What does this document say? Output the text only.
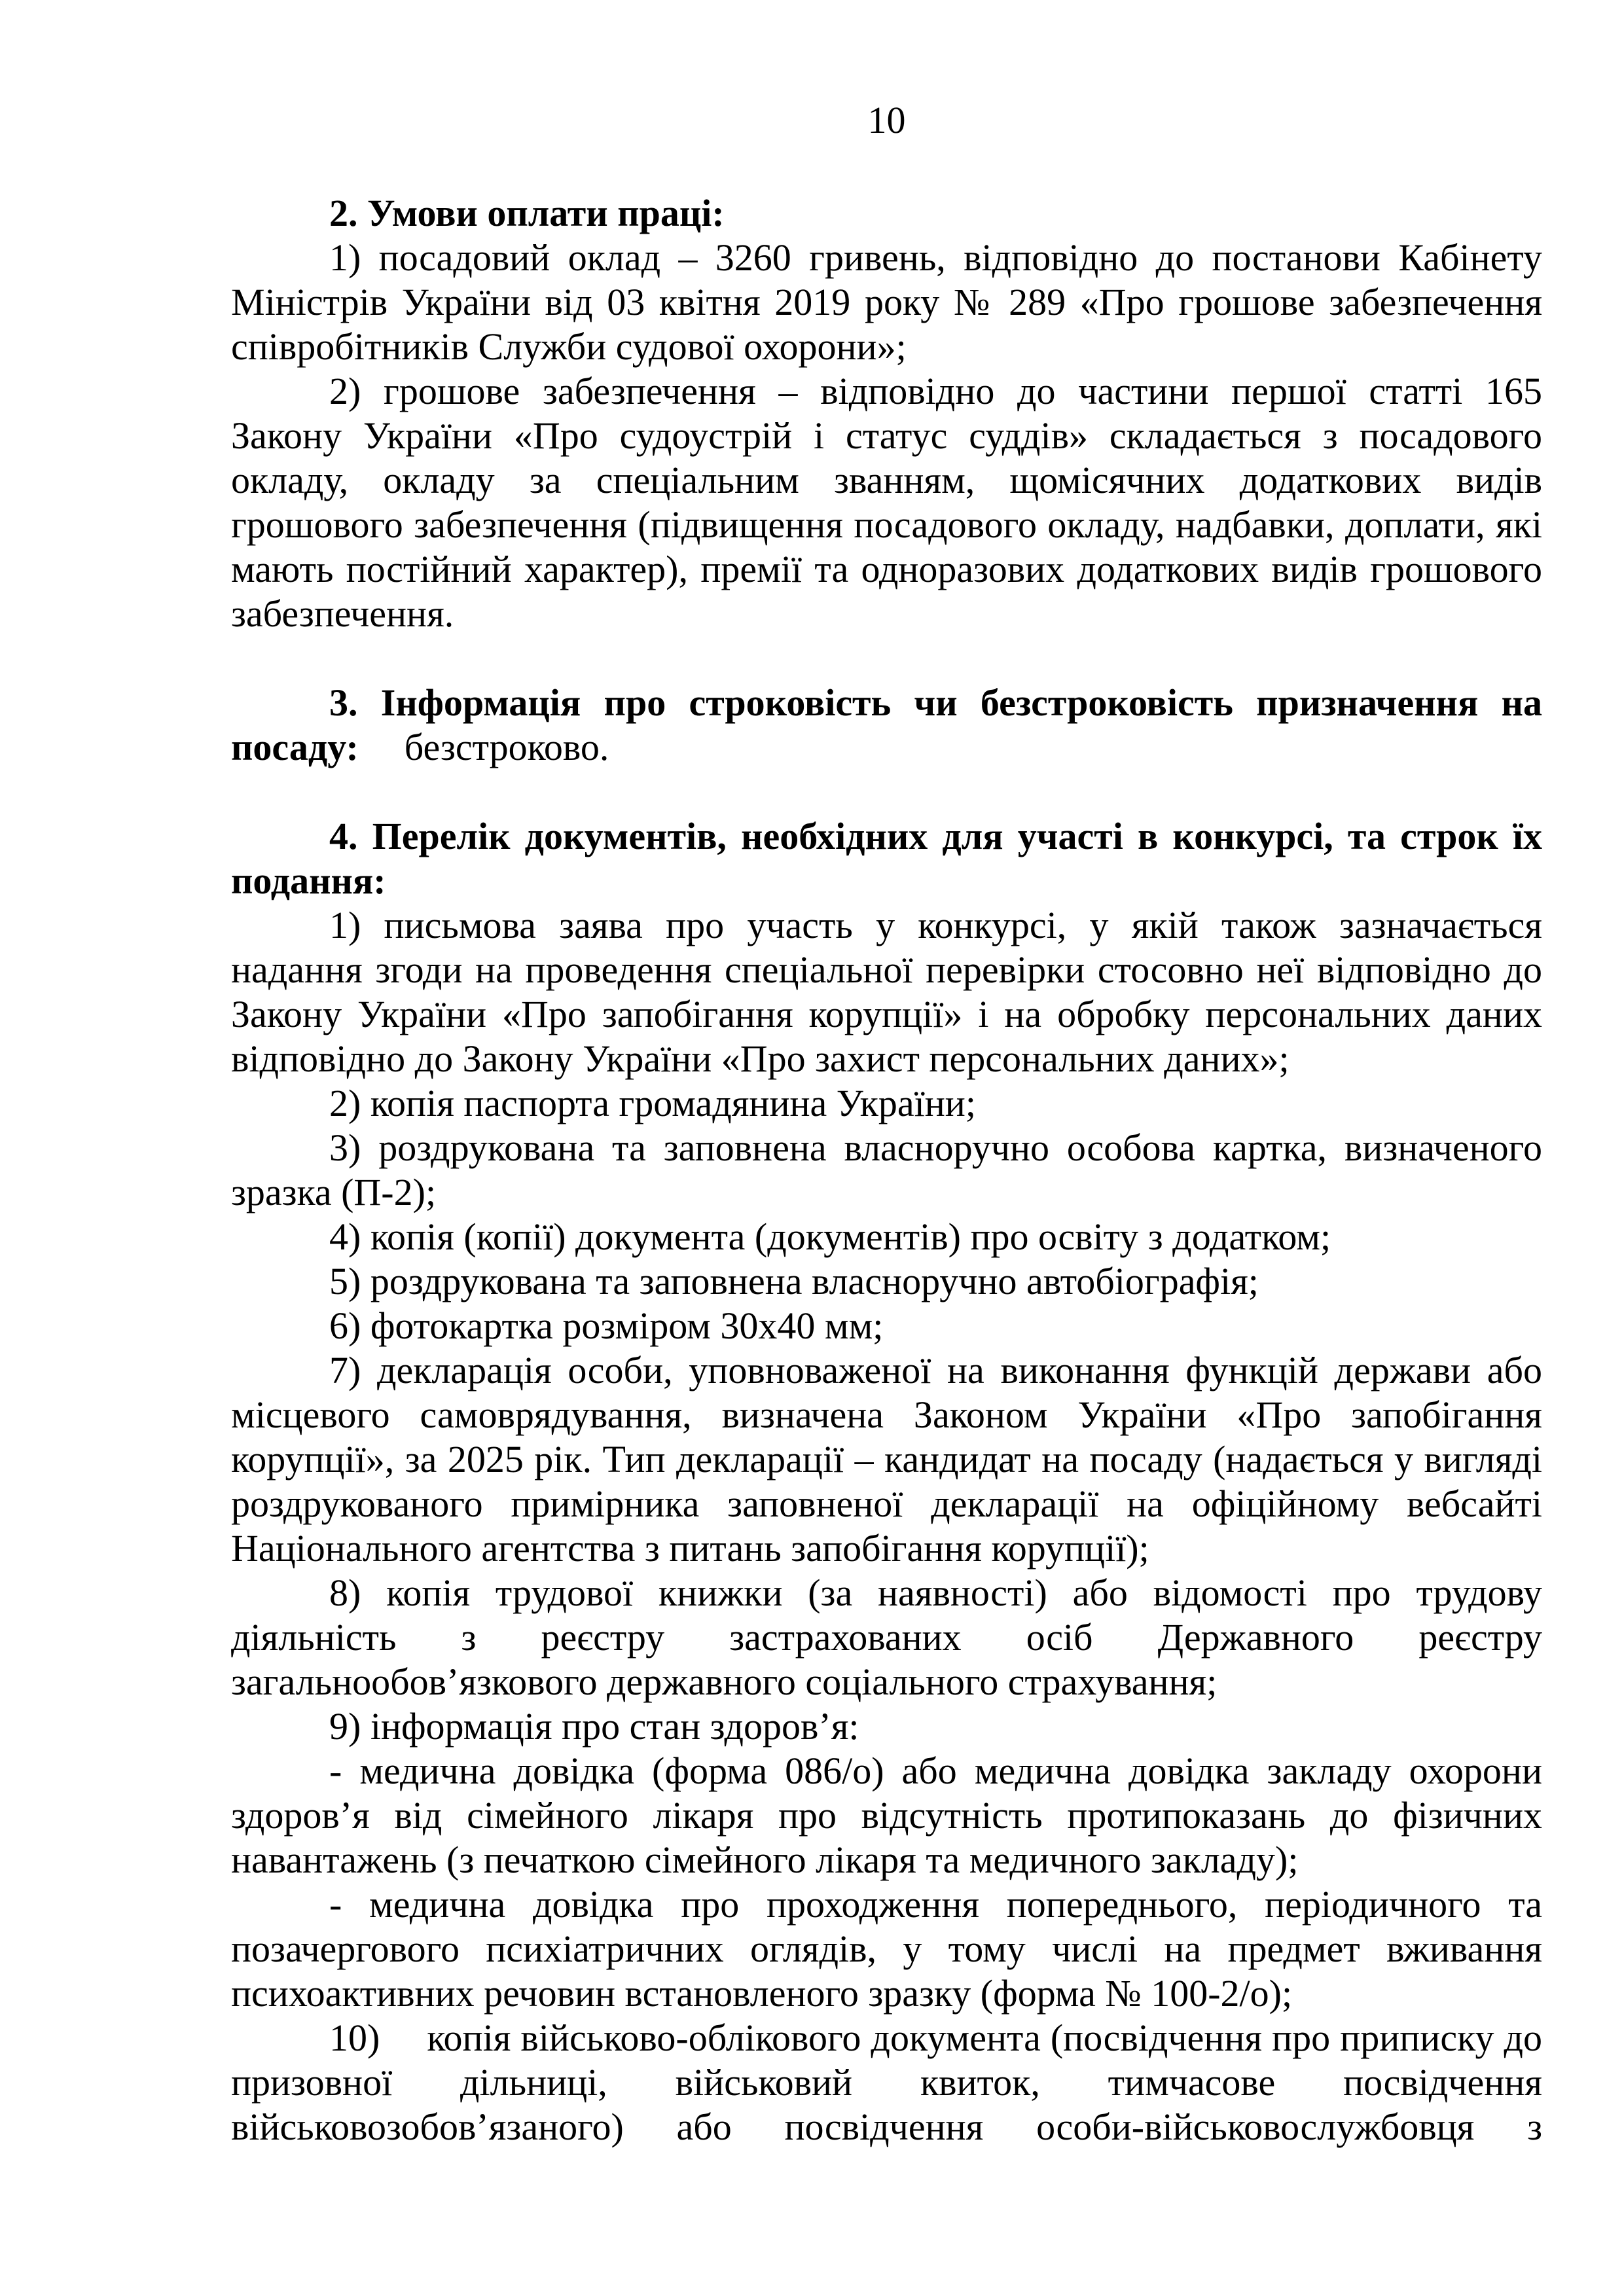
10

2. Умови оплати праці:

1) посадовий оклад – 3260 гривень, відповідно до постанови Кабінету Міністрів України від 03 квітня 2019 року № 289 «Про грошове забезпечення співробітників Служби судової охорони»;

2) грошове забезпечення – відповідно до частини першої статті 165 Закону України «Про судоустрій і статус суддів» складається з посадового окладу, окладу за спеціальним званням, щомісячних додаткових видів грошового забезпечення (підвищення посадового окладу, надбавки, доплати, які мають постійний характер), премії та одноразових додаткових видів грошового забезпечення.

3. Інформація про строковість чи безстроковість призначення на посаду: безстроково.

4. Перелік документів, необхідних для участі в конкурсі, та строк їх подання:

1) письмова заява про участь у конкурсі, у якій також зазначається надання згоди на проведення спеціальної перевірки стосовно неї відповідно до Закону України «Про запобігання корупції» і на обробку персональних даних відповідно до Закону України «Про захист персональних даних»;

2) копія паспорта громадянина України;

3) роздрукована та заповнена власноручно особова картка, визначеного зразка (П-2);

4) копія (копії) документа (документів) про освіту з додатком;

5) роздрукована та заповнена власноручно автобіографія;

6) фотокартка розміром 30х40 мм;

7) декларація особи, уповноваженої на виконання функцій держави або місцевого самоврядування, визначена Законом України «Про запобігання корупції», за 2025 рік. Тип декларації – кандидат на посаду (надається у вигляді роздрукованого примірника заповненої декларації на офіційному вебсайті Національного агентства з питань запобігання корупції);

8) копія трудової книжки (за наявності) або відомості про трудову діяльність з реєстру застрахованих осіб Державного реєстру загальнообов’язкового державного соціального страхування;

9) інформація про стан здоров’я:

- медична довідка (форма 086/о) або медична довідка закладу охорони здоров’я від сімейного лікаря про відсутність протипоказань до фізичних навантажень (з печаткою сімейного лікаря та медичного закладу);

- медична довідка про проходження попереднього, періодичного та позачергового психіатричних оглядів, у тому числі на предмет вживання психоактивних речовин встановленого зразку (форма № 100-2/о);

10) копія військово-облікового документа (посвідчення про приписку до призовної дільниці, військовий квиток, тимчасове посвідчення військовозобов’язаного) або посвідчення особи-військовослужбовця з
